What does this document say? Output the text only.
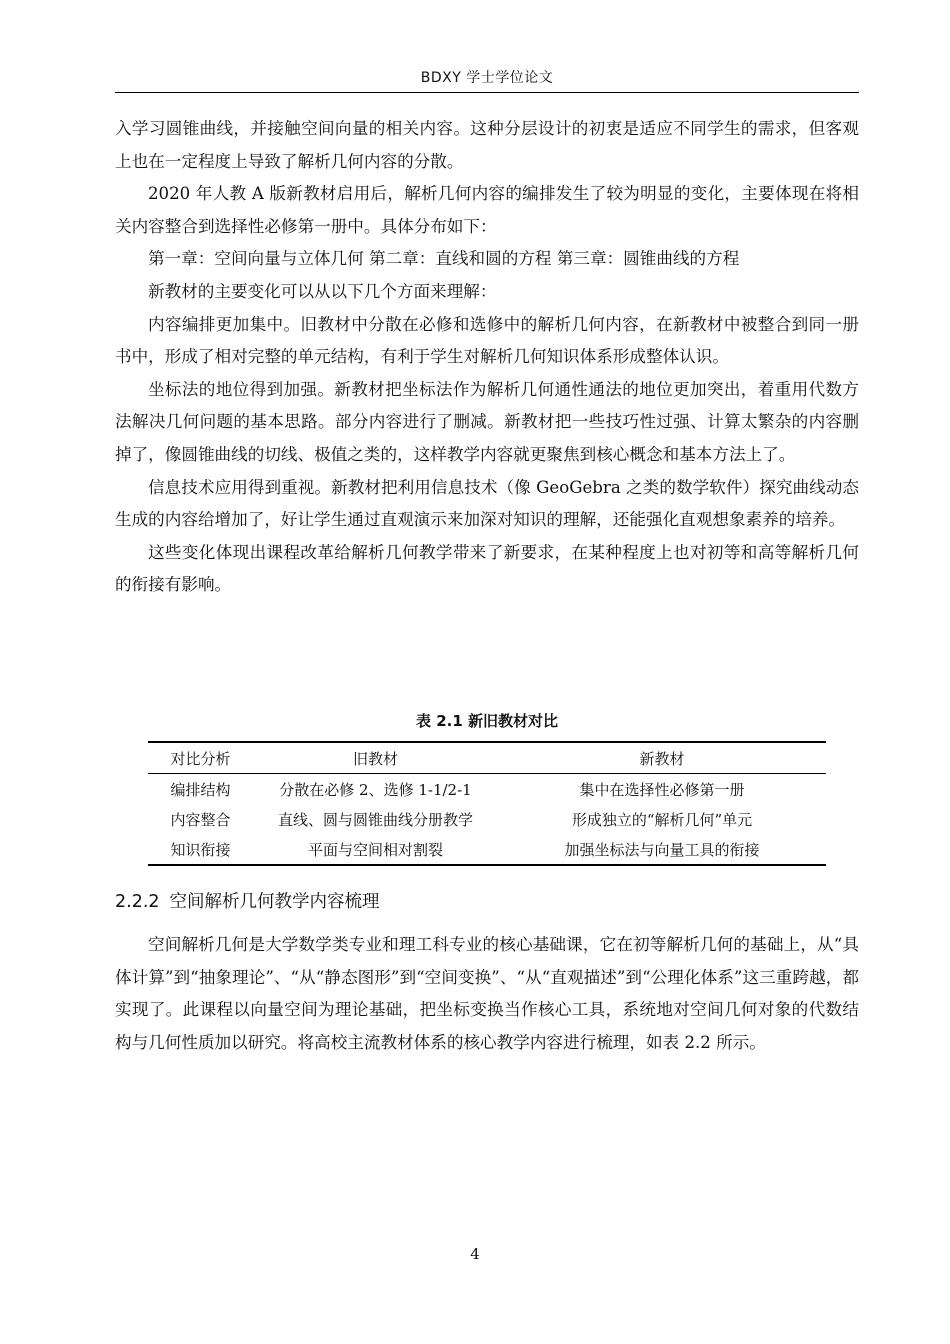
BDXY 学士学位论文

入学习圆锥曲线，并接触空间向量的相关内容。这种分层设计的初衷是适应不同学生的需求，但客观上也在一定程度上导致了解析几何内容的分散。

2020 年人教 A 版新教材启用后，解析几何内容的编排发生了较为明显的变化，主要体现在将相关内容整合到选择性必修第一册中。具体分布如下：

第一章：空间向量与立体几何 第二章：直线和圆的方程 第三章：圆锥曲线的方程

新教材的主要变化可以从以下几个方面来理解：

内容编排更加集中。旧教材中分散在必修和选修中的解析几何内容，在新教材中被整合到同一册书中，形成了相对完整的单元结构，有利于学生对解析几何知识体系形成整体认识。

坐标法的地位得到加强。新教材把坐标法作为解析几何通性通法的地位更加突出，着重用代数方法解决几何问题的基本思路。部分内容进行了删减。新教材把一些技巧性过强、计算太繁杂的内容删掉了，像圆锥曲线的切线、极值之类的，这样教学内容就更聚焦到核心概念和基本方法上了。

信息技术应用得到重视。新教材把利用信息技术（像 GeoGebra 之类的数学软件）探究曲线动态生成的内容给增加了，好让学生通过直观演示来加深对知识的理解，还能强化直观想象素养的培养。

这些变化体现出课程改革给解析几何教学带来了新要求，在某种程度上也对初等和高等解析几何的衔接有影响。

表 2.1 新旧教材对比
对比分析	旧教材	新教材
编排结构	分散在必修 2、选修 1-1/2-1	集中在选择性必修第一册
内容整合	直线、圆与圆锥曲线分册教学	形成独立的“解析几何”单元
知识衔接	平面与空间相对割裂	加强坐标法与向量工具的衔接
2.2.2 空间解析几何教学内容梳理

空间解析几何是大学数学类专业和理工科专业的核心基础课，它在初等解析几何的基础上，从“具体计算”到“抽象理论”、“从“静态图形”到“空间变换”、“从“直观描述”到“公理化体系”这三重跨越，都实现了。此课程以向量空间为理论基础，把坐标变换当作核心工具，系统地对空间几何对象的代数结构与几何性质加以研究。将高校主流教材体系的核心教学内容进行梳理，如表 2.2 所示。

4
